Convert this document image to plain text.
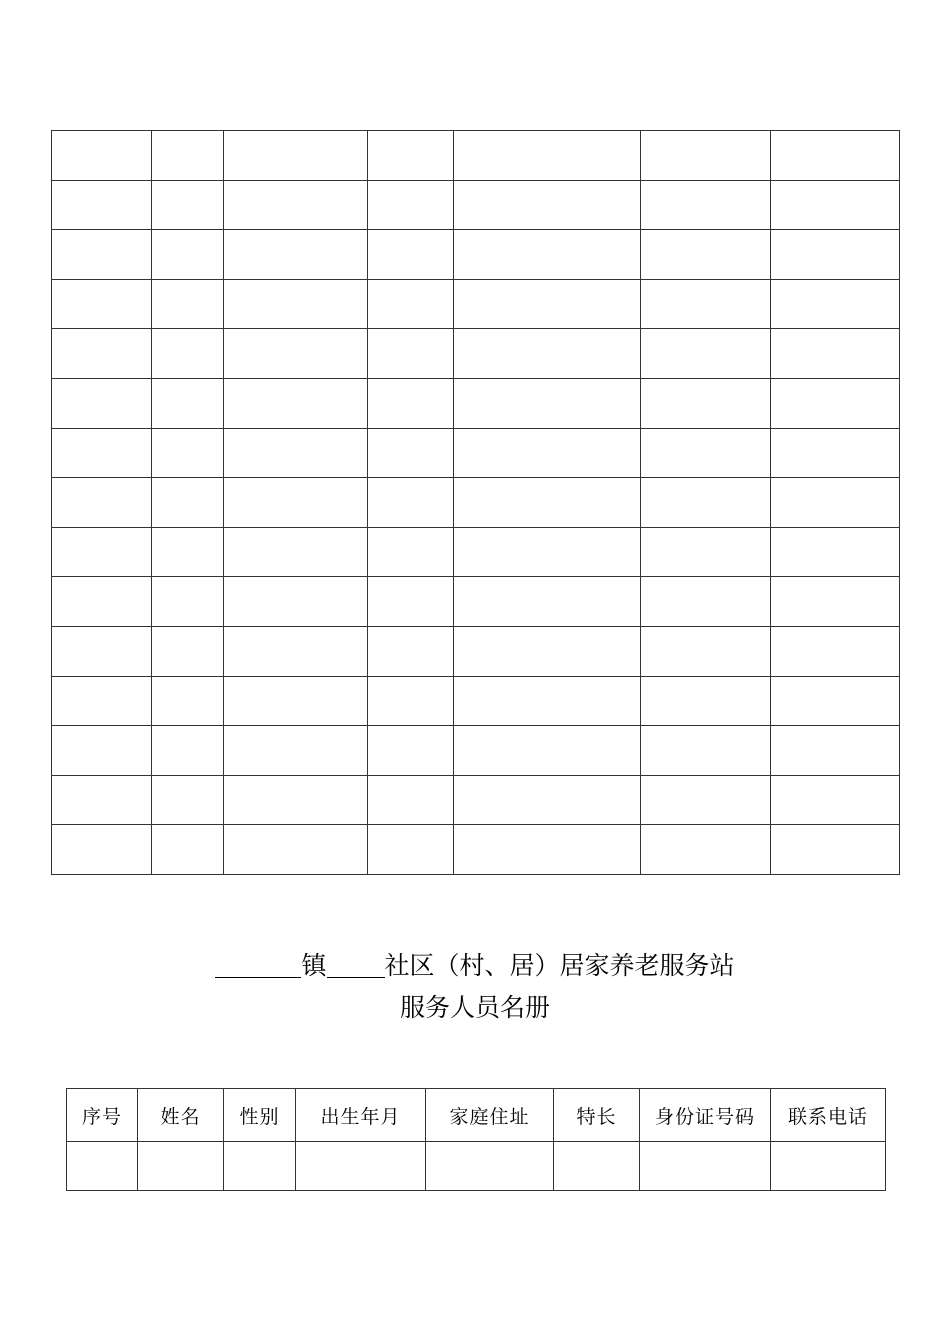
镇 社区（村、居）居家养老服务站
服务人员名册
序号	姓名	性别	出生年月	家庭住址	特长	身份证号码	联系电话
